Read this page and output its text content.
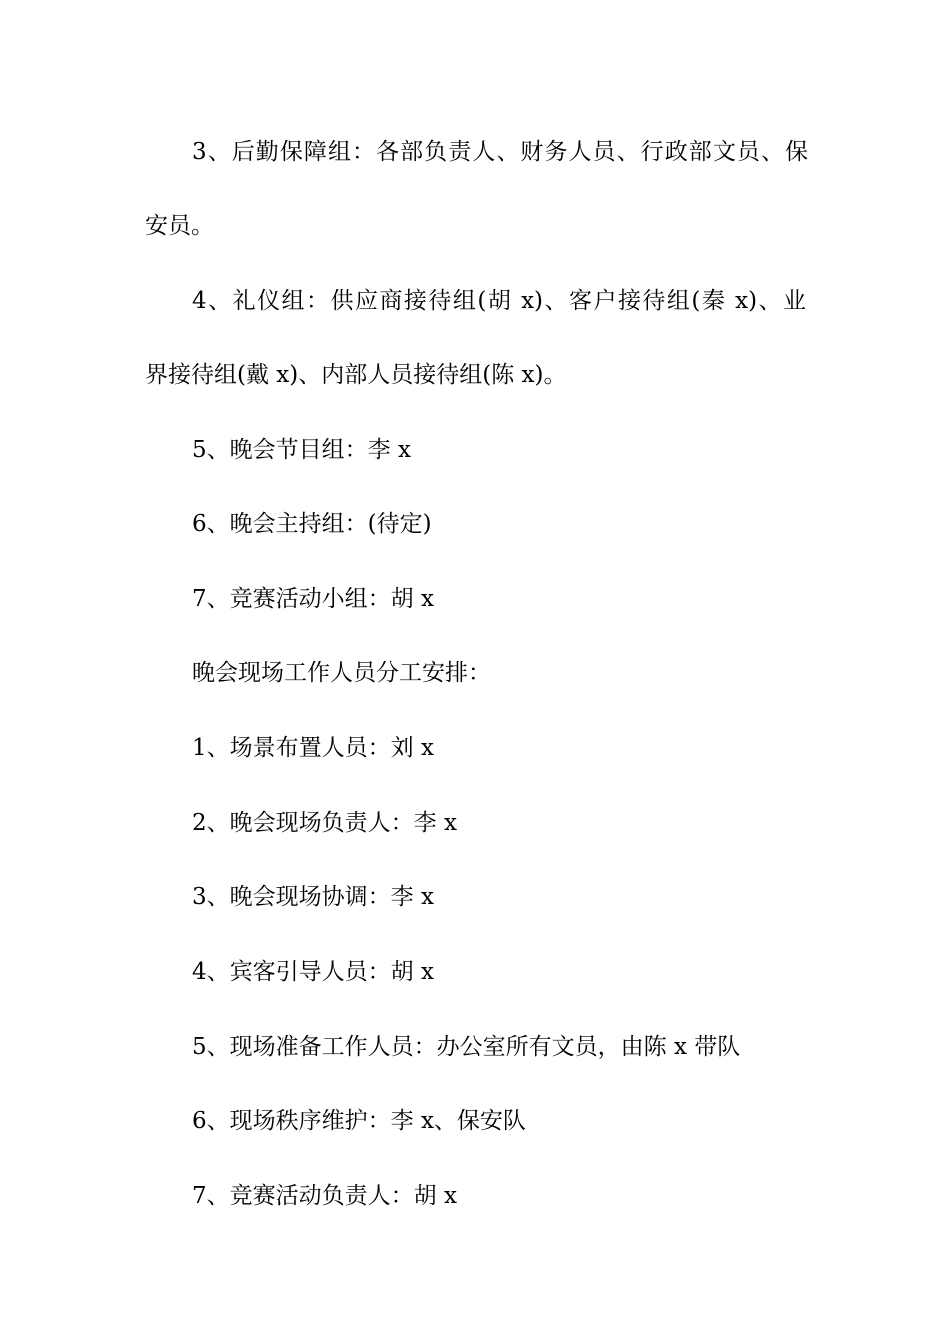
3、后勤保障组：各部负责人、财务人员、行政部文员、保
安员。
4、礼仪组：供应商接待组(胡 x)、客户接待组(秦 x)、业
界接待组(戴 x)、内部人员接待组(陈 x)。
5、晚会节目组：李 x
6、晚会主持组：(待定)
7、竞赛活动小组：胡 x
晚会现场工作人员分工安排：
1、场景布置人员：刘 x
2、晚会现场负责人：李 x
3、晚会现场协调：李 x
4、宾客引导人员：胡 x
5、现场准备工作人员：办公室所有文员，由陈 x 带队
6、现场秩序维护：李 x、保安队
7、竞赛活动负责人：胡 x
